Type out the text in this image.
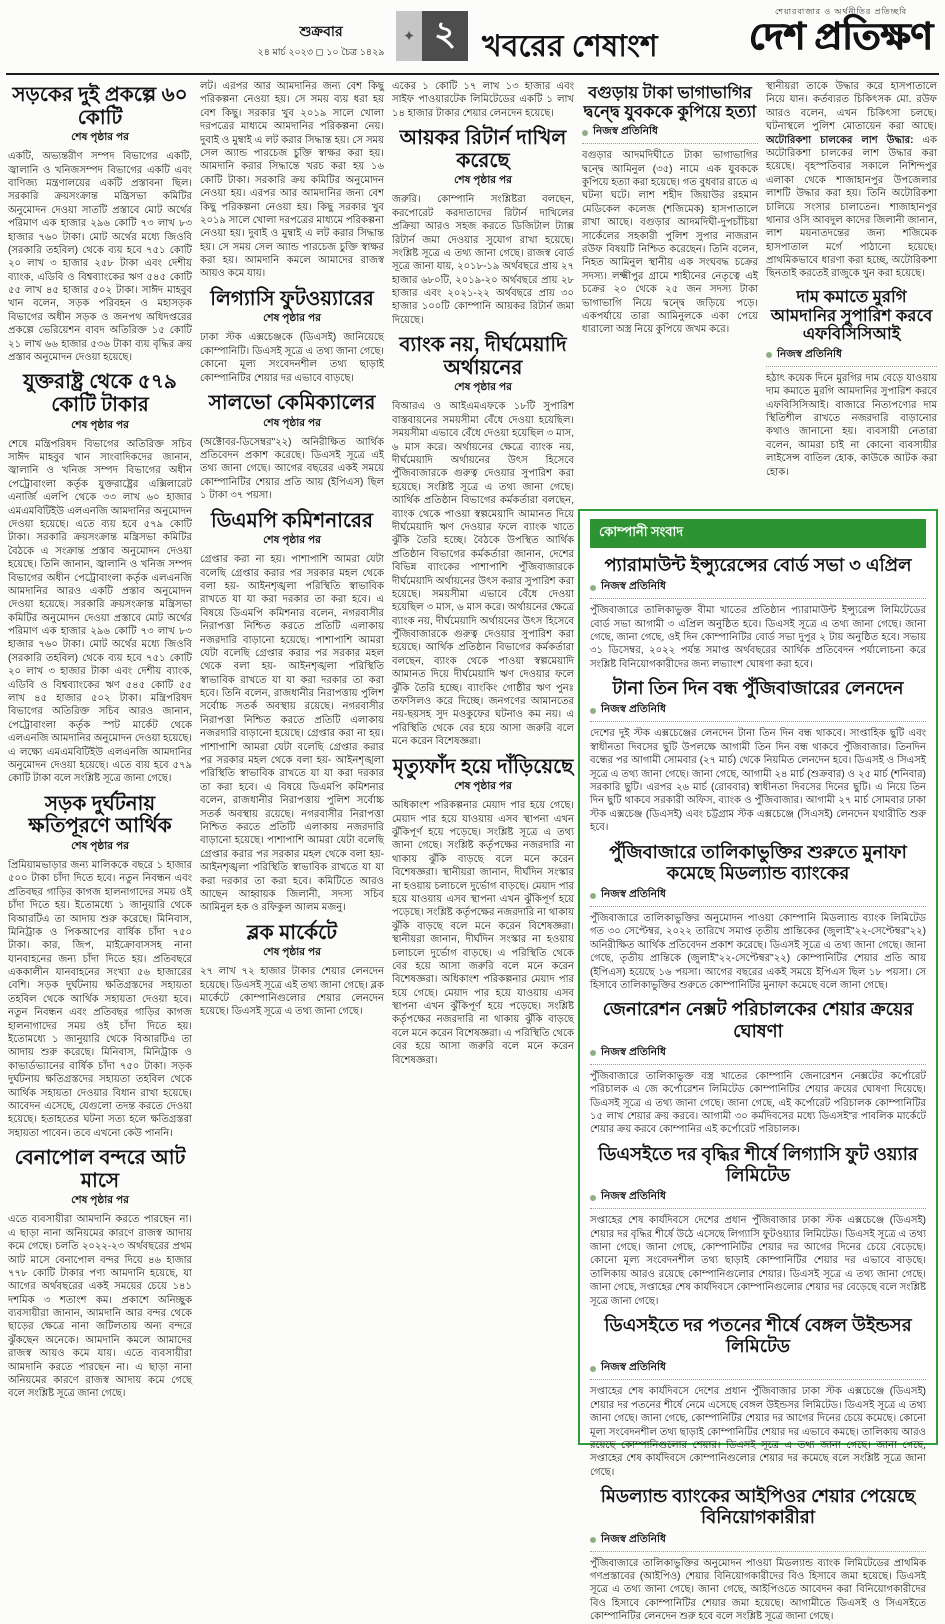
শুক্রবার
২৪ মার্চ ২০২৩ ◻ ১০ চৈত্র ১৪২৯
✦ ২ খবরের শেষাংশ
শেয়ারবাজার ও অর্থনীতির প্রতিচ্ছবি
দেশ প্রতিক্ষণ
সড়কের দুই প্রকল্পে ৬০ কোটি
শেষ পৃষ্ঠার পর
একটি, অভ্যন্তরীণ সম্পদ বিভাগের একটি, জ্বালানি ও খনিজসম্পদ বিভাগের একটি এবং বাণিজ্য মন্ত্রণালয়ের একটি প্রস্তাবনা ছিল। সরকারি ক্রয়সংক্রান্ত মন্ত্রিসভা কমিটির অনুমোদন দেওয়া সাতটি প্রস্তাবে মোট অর্থের পরিমাণ এক হাজার ২৯৬ কোটি ৭৩ লাখ ৮৩ হাজার ৭৬০ টাকা। মোট অর্থের মধ্যে জিওবি (সরকারি তহবিল) থেকে ব্যয় হবে ৭৫১ কোটি ২০ লাখ ৩ হাজার ২৫৮ টাকা এবং দেশীয় ব্যাংক, এডিবি ও বিশ্বব্যাংকের ঋণ ৫৪৫ কোটি ৫৫ লাখ ৪৫ হাজার ৫০২ টাকা। সাঈদ মাহবুব খান বলেন, সড়ক পরিবহন ও মহাসড়ক বিভাগের অধীন সড়ক ও জনপথ অধিদপ্তরের প্রকল্পে ভেরিয়েশন বাবদ অতিরিক্ত ১৫ কোটি ২১ লাখ ৬৬ হাজার ৫৩৬ টাকা ব্যয় বৃদ্ধির ক্রয় প্রস্তাব অনুমোদন দেওয়া হয়েছে।
যুক্তরাষ্ট্র থেকে ৫৭৯ কোটি টাকার
শেষ পৃষ্ঠার পর
শেষে মন্ত্রিপরিষদ বিভাগের অতিরিক্ত সচিব সাঈদ মাহবুব খান সাংবাদিকদের জানান, জ্বালানি ও খনিজ সম্পদ বিভাগের অধীন পেট্রোবাংলা কর্তৃক যুক্তরাষ্ট্রের এক্সিলারেট এনার্জি এলপি থেকে ৩৩ লাখ ৬০ হাজার এমএমবিটিইউ এলএনজি আমদানির অনুমোদন দেওয়া হয়েছে। এতে ব্যয় হবে ৫৭৯ কোটি টাকা। সরকারি ক্রয়সংক্রান্ত মন্ত্রিসভা কমিটির বৈঠকে এ সংক্রান্ত প্রস্তাব অনুমোদন দেওয়া হয়েছে। তিনি জানান, জ্বালানি ও খনিজ সম্পদ বিভাগের অধীন পেট্রোবাংলা কর্তৃক এলএনজি আমদানির আরও একটি প্রস্তাব অনুমোদন দেওয়া হয়েছে। সরকারি ক্রয়সংক্রান্ত মন্ত্রিসভা কমিটির অনুমোদন দেওয়া প্রস্তাবে মোট অর্থের পরিমাণ এক হাজার ২৯৬ কোটি ৭৩ লাখ ৮৩ হাজার ৭৬০ টাকা। মোট অর্থের মধ্যে জিওবি (সরকারি তহবিল) থেকে ব্যয় হবে ৭৫১ কোটি ২০ লাখ ৩ হাজার টাকা এবং দেশীয় ব্যাংক, এডিবি ও বিশ্বব্যাংকের ঋণ ৫৪৫ কোটি ৫৫ লাখ ৪৫ হাজার ৫০২ টাকা। মন্ত্রিপরিষদ বিভাগের অতিরিক্ত সচিব আরও জানান, পেট্রোবাংলা কর্তৃক স্পট মার্কেট থেকে এলএনজি আমদানির অনুমোদন দেওয়া হয়েছে। এ লক্ষ্যে এমএমবিটিইউ এলএনজি আমদানির অনুমোদন দেওয়া হয়েছে। এতে ব্যয় হবে ৫৭৯ কোটি টাকা বলে সংশ্লিষ্ট সূত্রে জানা গেছে।
সড়ক দুর্ঘটনায় ক্ষতিপূরণে আর্থিক
শেষ পৃষ্ঠার পর
প্রিমিয়ামভাড়ার জন্য মালিককে বছরে ১ হাজার ৫০০ টাকা চাঁদা দিতে হবে। নতুন নিবন্ধন এবং প্রতিবছর গাড়ির কাগজ হালনাগাদের সময় ওই চাঁদা দিতে হয়। ইতোমধ্যে ১ জানুয়ারি থেকে বিআরটিএ তা আদায় শুরু করেছে। মিনিবাস, মিনিট্রাক ও পিকআপের বার্ষিক চাঁদা ৭৫০ টাকা। কার, জিপ, মাইক্রোবাসসহ নানা যানবাহনের জন্য চাঁদা দিতে হয়। প্রতিবছরে এককালীন যানবাহনের সংখ্যা ৫৬ হাজারের বেশি। সড়ক দুর্ঘটনায় ক্ষতিগ্রস্তদের সহায়তা তহবিল থেকে আর্থিক সহায়তা দেওয়া হবে। নতুন নিবন্ধন এবং প্রতিবছর গাড়ির কাগজ হালনাগাদের সময় ওই চাঁদা দিতে হয়। ইতোমধ্যে ১ জানুয়ারি থেকে বিআরটিএ তা আদায় শুরু করেছে। মিনিবাস, মিনিট্রাক ও কাভার্ডভ্যানের বার্ষিক চাঁদা ৭৫০ টাকা। সড়ক দুর্ঘটনায় ক্ষতিগ্রস্তদের সহায়তা তহবিল থেকে আর্থিক সহায়তা দেওয়ার বিধান রাখা হয়েছে। আবেদন এসেছে, যেগুলো তদন্ত করতে দেওয়া হয়েছে। হতাহতের ঘটনা সত্য হলে ক্ষতিগ্রস্তরা সহায়তা পাবেন। তবে এখনো কেউ পাননি।
বেনাপোল বন্দরে আট মাসে
শেষ পৃষ্ঠার পর
এতে ব্যবসায়ীরা আমদানি করতে পারছেন না। এ ছাড়া নানা অনিয়মের কারণে রাজস্ব আদায় কমে গেছে। চলতি ২০২২-২৩ অর্থবছরের প্রথম আট মাসে বেনাপোল বন্দর দিয়ে ৪৬ হাজার ৭৭৮ কোটি টাকার পণ্য আমদানি হয়েছে, যা আগের অর্থবছরের একই সময়ের চেয়ে ১৪১ দশমিক ৩ শতাংশ কম। প্রকাশে অনিচ্ছুক ব্যবসায়ীরা জানান, আমদানি আর বন্দর থেকে ছাড়ের ক্ষেত্রে নানা জটিলতায় অন্য বন্দরে ঝুঁকছেন অনেকে। আমদানি কমলে আমাদের রাজস্ব আয়ও কমে যায়। এতে ব্যবসায়ীরা আমদানি করতে পারছেন না। এ ছাড়া নানা অনিয়মের কারণে রাজস্ব আদায় কমে গেছে বলে সংশ্লিষ্ট সূত্রে জানা গেছে।
লট। এরপর আর আমদানির জন্য বেশ কিছু পরিকল্পনা নেওয়া হয়। সে সময় ব্যয় ধরা হয় বেশ কিছু। সরকার খুব ২০১৯ সালে খোলা দরপত্রের মাধ্যমে আমদানির পরিকল্পনা নেয়। দুবাই ও মুম্বাই এ লট করার সিদ্ধান্ত হয়। সে সময় সেল অ্যান্ড পারচেজ চুক্তি স্বাক্ষর করা হয়। আমদানি করার সিদ্ধান্তে খরচ করা হয় ১৬ কোটি টাকা। সরকারি ক্রয় কমিটির অনুমোদন নেওয়া হয়। এরপর আর আমদানির জন্য বেশ কিছু পরিকল্পনা নেওয়া হয়। কিছু সরকার খুব ২০১৯ সালে খোলা দরপত্রের মাধ্যমে পরিকল্পনা নেওয়া হয়। দুবাই ও মুম্বাই এ লট করার সিদ্ধান্ত হয়। সে সময় সেল অ্যান্ড পারচেজ চুক্তি স্বাক্ষর করা হয়। আমদানি কমলে আমাদের রাজস্ব আয়ও কমে যায়।
লিগ্যাসি ফুটওয়্যারের
শেষ পৃষ্ঠার পর
ঢাকা স্টক এক্সচেঞ্জকে (ডিএসই) জানিয়েছে কোম্পানিটি। ডিএসই সূত্রে এ তথ্য জানা গেছে। কোনো মূল্য সংবেদনশীল তথ্য ছাড়াই কোম্পানিটির শেয়ার দর এভাবে বাড়ছে।
সালভো কেমিক্যালের
শেষ পৃষ্ঠার পর
(অক্টোবর-ডিসেম্বর"২২) অনিরীক্ষিত আর্থিক প্রতিবেদন প্রকাশ করেছে। ডিএসই সূত্রে এই তথ্য জানা গেছে। আগের বছরের একই সময়ে কোম্পানিটির শেয়ার প্রতি আয় (ইপিএস) ছিল ১ টাকা ৩৭ পয়সা।
ডিএমপি কমিশনারের
শেষ পৃষ্ঠার পর
গ্রেপ্তার করা না হয়। পাশাপাশি আমরা যেটা বলেছি গ্রেপ্তার করার পর সরকার মহল থেকে বলা হয়- আইনশৃঙ্খলা পরিস্থিতি স্বাভাবিক রাখতে যা যা করা দরকার তা করা হবে। এ বিষয়ে ডিএমপি কমিশনার বলেন, নগরবাসীর নিরাপত্তা নিশ্চিত করতে প্রতিটি এলাকায় নজরদারি বাড়ানো হয়েছে। পাশাপাশি আমরা যেটা বলেছি গ্রেপ্তার করার পর সরকার মহল থেকে বলা হয়- আইনশৃঙ্খলা পরিস্থিতি স্বাভাবিক রাখতে যা যা করা দরকার তা করা হবে। তিনি বলেন, রাজধানীর নিরাপত্তায় পুলিশ সর্বোচ্চ সতর্ক অবস্থায় রয়েছে। নগরবাসীর নিরাপত্তা নিশ্চিত করতে প্রতিটি এলাকায় নজরদারি বাড়ানো হয়েছে। গ্রেপ্তার করা না হয়। পাশাপাশি আমরা যেটা বলেছি গ্রেপ্তার করার পর সরকার মহল থেকে বলা হয়- আইনশৃঙ্খলা পরিস্থিতি স্বাভাবিক রাখতে যা যা করা দরকার তা করা হবে। এ বিষয়ে ডিএমপি কমিশনার বলেন, রাজধানীর নিরাপত্তায় পুলিশ সর্বোচ্চ সতর্ক অবস্থায় রয়েছে। নগরবাসীর নিরাপত্তা নিশ্চিত করতে প্রতিটি এলাকায় নজরদারি বাড়ানো হয়েছে। পাশাপাশি আমরা যেটা বলেছি গ্রেপ্তার করার পর সরকার মহল থেকে বলা হয়- আইনশৃঙ্খলা পরিস্থিতি স্বাভাবিক রাখতে যা যা করা দরকার তা করা হবে। কমিটিতে আরও আছেন আহ্বায়ক জিলানী, সদস্য সচিব আমিনুল হক ও রফিকুল আলম মজনু।
ব্লক মার্কেটে
শেষ পৃষ্ঠার পর
২৭ লাখ ৭২ হাজার টাকার শেয়ার লেনদেন হয়েছে। ডিএসই সূত্রে এই তথ্য জানা গেছে। ব্লক মার্কেটে কোম্পানিগুলোর শেয়ার লেনদেন হয়েছে। ডিএসই সূত্রে এ তথ্য জানা গেছে।
একের ১ কোটি ১৭ লাখ ১৩ হাজার এবং সাইফ পাওয়ারটেক লিমিটেডের একটি ১ লাখ ১৪ হাজার টাকার শেয়ার লেনদেন হয়েছে।
আয়কর রিটার্ন দাখিল করেছে
শেষ পৃষ্ঠার পর
জরুরি। কোম্পানি সংশ্লিষ্টরা বলছেন, করপোরেট করদাতাদের রিটার্ন দাখিলের প্রক্রিয়া আরও সহজ করতে ডিজিটাল ট্যাক্স রিটার্ন জমা দেওয়ার সুযোগ রাখা হয়েছে। সংশ্লিষ্ট সূত্রে এ তথ্য জানা গেছে। রাজস্ব বোর্ড সূত্রে জানা যায়, ২০১৮-১৯ অর্থবছরে প্রায় ২৭ হাজার ৬৮০টি, ২০১৯-২০ অর্থবছরে প্রায় ২৮ হাজার এবং ২০২১-২২ অর্থবছরে প্রায় ৩০ হাজার ১০০টি কোম্পানি আয়কর রিটার্ন জমা দিয়েছে।
ব্যাংক নয়, দীর্ঘমেয়াদি অর্থায়নের
শেষ পৃষ্ঠার পর
বিআরএ ও আইএমএফকে ১৮টি সুপারিশ বাস্তবায়নের সময়সীমা বেঁধে দেওয়া হয়েছিল। সময়সীমা এভাবে বেঁধে দেওয়া হয়েছিল ৩ মাস, ৬ মাস করে। অর্থায়নের ক্ষেত্রে ব্যাংক নয়, দীর্ঘমেয়াদি অর্থায়নের উৎস হিসেবে পুঁজিবাজারকে গুরুত্ব দেওয়ার সুপারিশ করা হয়েছে। সংশ্লিষ্ট সূত্রে এ তথ্য জানা গেছে। আর্থিক প্রতিষ্ঠান বিভাগের কর্মকর্তারা বলছেন, ব্যাংক থেকে পাওয়া স্বল্পমেয়াদি আমানত দিয়ে দীর্ঘমেয়াদি ঋণ দেওয়ার ফলে ব্যাংক খাতে ঝুঁকি তৈরি হচ্ছে। বৈঠকে উপস্থিত আর্থিক প্রতিষ্ঠান বিভাগের কর্মকর্তারা জানান, দেশের বিভিন্ন ব্যাংকের পাশাপাশি পুঁজিবাজারকে দীর্ঘমেয়াদি অর্থায়নের উৎস করার সুপারিশ করা হয়েছে। সময়সীমা এভাবে বেঁধে দেওয়া হয়েছিল ৩ মাস, ৬ মাস করে। অর্থায়নের ক্ষেত্রে ব্যাংক নয়, দীর্ঘমেয়াদি অর্থায়নের উৎস হিসেবে পুঁজিবাজারকে গুরুত্ব দেওয়ার সুপারিশ করা হয়েছে। আর্থিক প্রতিষ্ঠান বিভাগের কর্মকর্তারা বলছেন, ব্যাংক থেকে পাওয়া স্বল্পমেয়াদি আমানত দিয়ে দীর্ঘমেয়াদি ঋণ দেওয়ার ফলে ঝুঁকি তৈরি হচ্ছে। ব্যাংকিং গোষ্ঠীর ঋণ পুনঃ তফসিলও করে দিচ্ছে। জনগণের আমানতের নয়-ছয়সহ সুদ মওকুফের ঘটনাও কম নয়। এ পরিস্থিতি থেকে বের হয়ে আসা জরুরি বলে মনে করেন বিশেষজ্ঞরা।
মৃত্যুফাঁদ হয়ে দাঁড়িয়েছে
শেষ পৃষ্ঠার পর
অধিকাংশ পরিকল্পনার মেয়াদ পার হয়ে গেছে। মেয়াদ পার হয়ে যাওয়ায় এসব স্থাপনা এখন ঝুঁকিপূর্ণ হয়ে পড়েছে। সংশ্লিষ্ট সূত্রে এ তথ্য জানা গেছে। সংশ্লিষ্ট কর্তৃপক্ষের নজরদারি না থাকায় ঝুঁকি বাড়ছে বলে মনে করেন বিশেষজ্ঞরা। স্থানীয়রা জানান, দীর্ঘদিন সংস্কার না হওয়ায় চলাচলে দুর্ভোগ বাড়ছে। মেয়াদ পার হয়ে যাওয়ায় এসব স্থাপনা এখন ঝুঁকিপূর্ণ হয়ে পড়েছে। সংশ্লিষ্ট কর্তৃপক্ষের নজরদারি না থাকায় ঝুঁকি বাড়ছে বলে মনে করেন বিশেষজ্ঞরা। স্থানীয়রা জানান, দীর্ঘদিন সংস্কার না হওয়ায় চলাচলে দুর্ভোগ বাড়ছে। এ পরিস্থিতি থেকে বের হয়ে আসা জরুরি বলে মনে করেন বিশেষজ্ঞরা। অধিকাংশ পরিকল্পনার মেয়াদ পার হয়ে গেছে। মেয়াদ পার হয়ে যাওয়ায় এসব স্থাপনা এখন ঝুঁকিপূর্ণ হয়ে পড়েছে। সংশ্লিষ্ট কর্তৃপক্ষের নজরদারি না থাকায় ঝুঁকি বাড়ছে বলে মনে করেন বিশেষজ্ঞরা। এ পরিস্থিতি থেকে বের হয়ে আসা জরুরি বলে মনে করেন বিশেষজ্ঞরা।
বগুড়ায় টাকা ভাগাভাগির দ্বন্দ্বে যুবককে কুপিয়ে হত্যা
নিজস্ব প্রতিনিধি
বগুড়ার আদমদিঘীতে টাকা ভাগাভাগির দ্বন্দ্বে আমিনুল (৩৫) নামে এক যুবককে কুপিয়ে হত্যা করা হয়েছে। গত বুধবার রাতে এ ঘটনা ঘটে। লাশ শহীদ জিয়াউর রহমান মেডিকেল কলেজ (শজিমেক) হাসপাতালে রাখা আছে। বগুড়ার আদমদিঘী-দুপচাঁচিয়া সার্কেলের সহকারী পুলিশ সুপার নাজরান রউফ বিষয়টি নিশ্চিত করেছেন। তিনি বলেন, নিহত আমিনুল স্থানীয় এক সংঘবদ্ধ চক্রের সদস্য। লক্ষ্মীপুর গ্রামে শাহীনের নেতৃত্বে এই চক্রের ২০ থেকে ২৫ জন সদস্য টাকা ভাগাভাগি নিয়ে দ্বন্দ্বে জড়িয়ে পড়ে। একপর্যায়ে তারা আমিনুলকে একা পেয়ে ধারালো অস্ত্র নিয়ে কুপিয়ে জখম করে।
স্থানীয়রা তাকে উদ্ধার করে হাসপাতালে নিয়ে যান। কর্তব্যরত চিকিৎসক মো. রউফ আরও বলেন, এখন চিকিৎসা চলছে। ঘটনাস্থলে পুলিশ মোতায়েন করা আছে। অটোরিকশা চালকের লাশ উদ্ধার: এক অটোরিকশা চালকের লাশ উদ্ধার করা হয়েছে। বৃহস্পতিবার সকালে নিশিন্দপুর এলাকা থেকে শাজাহানপুর উপজেলার লাশটি উদ্ধার করা হয়। তিনি অটোরিকশা চালিয়ে সংসার চালাতেন। শাজাহানপুর থানার ওসি আবদুল কাদের জিলানী জানান, লাশ ময়নাতদন্তের জন্য শজিমেক হাসপাতাল মর্গে পাঠানো হয়েছে। প্রাথমিকভাবে ধারণা করা হচ্ছে, অটোরিকশা ছিনতাই করতেই রাজুকে খুন করা হয়েছে।
দাম কমাতে মুরগি আমদানির সুপারিশ করবে এফবিসিসিআই
নিজস্ব প্রতিনিধি
হঠাৎ কয়েক দিনে মুরগির দাম বেড়ে যাওয়ায় দাম কমাতে মুরগি আমদানির সুপারিশ করবে এফবিসিসিআই। বাজারে নিত্যপণ্যের দাম স্থিতিশীল রাখতে নজরদারি বাড়ানোর কথাও জানানো হয়। ব্যবসায়ী নেতারা বলেন, আমরা চাই না কোনো ব্যবসায়ীর লাইসেন্স বাতিল হোক, কাউকে আটক করা হোক।
কোম্পানী সংবাদ
প্যারামাউন্ট ইন্স্যুরেন্সের বোর্ড সভা ৩ এপ্রিল
নিজস্ব প্রতিনিধি
পুঁজিবাজারে তালিকাভুক্ত বীমা খাতের প্রতিষ্ঠান প্যারামাউন্ট ইন্স্যুরেন্স লিমিটেডের বোর্ড সভা আগামী ৩ এপ্রিল অনুষ্ঠিত হবে। ডিএসই সূত্রে এ তথ্য জানা গেছে। জানা গেছে, জানা গেছে, ওই দিন কোম্পানিটির বোর্ড সভা দুপুর ২ টায় অনুষ্ঠিত হবে। সভায় ৩১ ডিসেম্বর, ২০২২ পর্যন্ত সমাপ্ত অর্থবছরের আর্থিক প্রতিবেদন পর্যালোচনা করে সংশ্লিষ্ট বিনিয়োগকারীদের জন্য লভ্যাংশ ঘোষণা করা হবে।
টানা তিন দিন বন্ধ পুঁজিবাজারের লেনদেন
নিজস্ব প্রতিনিধি
দেশের দুই স্টক এক্সচেঞ্জের লেনদেন টানা তিন দিন বন্ধ থাকবে। সাপ্তাহিক ছুটি এবং স্বাধীনতা দিবসের ছুটি উপলক্ষে আগামী তিন দিন বন্ধ থাকবে পুঁজিবাজার। তিনদিন বন্ধের পর আগামী সোমবার (২৭ মার্চ) থেকে নিয়মিত লেনদেন হবে। ডিএসই ও সিএসই সূত্রে এ তথ্য জানা গেছে। জানা গেছে, আগামী ২৪ মার্চ (শুক্রবার) ও ২৫ মার্চ (শনিবার) সরকারি ছুটি। এরপর ২৬ মার্চ (রোববার) স্বাধীনতা দিবসের দিনের ছুটি। এ নিয়ে তিন দিন ছুটি থাকবে সরকারী অফিস, ব্যাংক ও পুঁজিবাজার। আগামী ২৭ মার্চ সোমবার ঢাকা স্টক এক্সচেঞ্জ (ডিএসই) এবং চট্টগ্রাম স্টক এক্সচেঞ্জে (সিএসই) লেনদেন যথারীতি শুরু হবে।
পুঁজিবাজারে তালিকাভুক্তির শুরুতে মুনাফা কমেছে মিডল্যান্ড ব্যাংকের
নিজস্ব প্রতিনিধি
পুঁজিবাজারে তালিকাভুক্তির অনুমোদন পাওয়া কোম্পানি মিডল্যান্ড ব্যাংক লিমিটেড গত ৩০ সেপ্টেম্বর, ২০২২ তারিখে সমাপ্ত তৃতীয় প্রান্তিকের (জুলাই"২২-সেপ্টেম্বর"২২) অনিরীক্ষিত আর্থিক প্রতিবেদন প্রকাশ করেছে। ডিএসই সূত্রে এ তথ্য জানা গেছে। জানা গেছে, তৃতীয় প্রান্তিকে (জুলাই"২২-সেপ্টেম্বর"২২) কোম্পানিটির শেয়ার প্রতি আয় (ইপিএস) হয়েছে ১৬ পয়সা। আগের বছরের একই সময়ে ইপিএস ছিল ১৮ পয়সা। সে হিসাবে তালিকাভুক্তির শুরুতে কোম্পানিটির মুনাফা কমেছে বলে জানা গেছে।
জেনারেশন নেক্সট পরিচালকের শেয়ার ক্রয়ের ঘোষণা
নিজস্ব প্রতিনিধি
পুঁজিবাজারে তালিকাভুক্ত বস্ত্র খাতের কোম্পানি জেনারেশন নেক্সটের কর্পোরেট পরিচালক এ জে কর্পোরেশন লিমিটেড কোম্পানিটির শেয়ার ক্রয়ের ঘোষণা দিয়েছে। ডিএসই সূত্রে এ তথ্য জানা গেছে। জানা গেছে, এই কর্পোরেট পরিচালক কোম্পানিটির ১৫ লাখ শেয়ার ক্রয় করবে। আগামী ৩০ কর্মদিবসের মধ্যে ডিএসই"র পাবলিক মার্কেটে শেয়ার ক্রয় করবে কোম্পানির এই কর্পোরেট পরিচালক।
ডিএসইতে দর বৃদ্ধির শীর্ষে লিগ্যাসি ফুট ওয়্যার লিমিটেড
নিজস্ব প্রতিনিধি
সপ্তাহের শেষ কার্যদিবসে দেশের প্রধান পুঁজিবাজার ঢাকা স্টক এক্সচেঞ্জে (ডিএসই) শেয়ার দর বৃদ্ধির শীর্ষে উঠে এসেছে লিগ্যাসি ফুটওয়্যার লিমিটেড। ডিএসই সূত্রে এ তথ্য জানা গেছে। জানা গেছে, কোম্পানিটির শেয়ার দর আগের দিনের চেয়ে বেড়েছে। কোনো মূল্য সংবেদনশীল তথ্য ছাড়াই কোম্পানিটির শেয়ার দর এভাবে বাড়ছে। তালিকায় আরও রয়েছে কোম্পানিগুলোর শেয়ার। ডিএসই সূত্রে এ তথ্য জানা গেছে। জানা গেছে, সপ্তাহের শেষ কার্যদিবসে কোম্পানিগুলোর শেয়ার দর বেড়েছে বলে সংশ্লিষ্ট সূত্রে জানা গেছে।
ডিএসইতে দর পতনের শীর্ষে বেঙ্গল উইন্ডসর লিমিটেড
নিজস্ব প্রতিনিধি
সপ্তাহের শেষ কার্যদিবসে দেশের প্রধান পুঁজিবাজার ঢাকা স্টক এক্সচেঞ্জে (ডিএসই) শেয়ার দর পতনের শীর্ষে নেমে এসেছে বেঙ্গল উইন্ডসর লিমিটেড। ডিএসই সূত্রে এ তথ্য জানা গেছে। জানা গেছে, কোম্পানিটির শেয়ার দর আগের দিনের চেয়ে কমেছে। কোনো মূল্য সংবেদনশীল তথ্য ছাড়াই কোম্পানিটির শেয়ার দর এভাবে কমছে। তালিকায় আরও রয়েছে কোম্পানিগুলোর শেয়ার। ডিএসই সূত্রে এ তথ্য জানা গেছে। জানা গেছে, সপ্তাহের শেষ কার্যদিবসে কোম্পানিগুলোর শেয়ার দর কমেছে বলে সংশ্লিষ্ট সূত্রে জানা গেছে।
মিডল্যান্ড ব্যাংকের আইপিওর শেয়ার পেয়েছে বিনিয়োগকারীরা
নিজস্ব প্রতিনিধি
পুঁজিবাজারে তালিকাভুক্তির অনুমোদন পাওয়া মিডল্যান্ড ব্যাংক লিমিটেডের প্রাথমিক গণপ্রস্তাবের (আইপিও) শেয়ার বিনিয়োগকারীদের বিও হিসাবে জমা হয়েছে। ডিএসই সূত্রে এ তথ্য জানা গেছে। জানা গেছে, আইপিওতে আবেদন করা বিনিয়োগকারীদের বিও হিসাবে কোম্পানিটির শেয়ার জমা হয়েছে। আগামীতে ডিএসই ও সিএসইতে কোম্পানিটির লেনদেন শুরু হবে বলে সংশ্লিষ্ট সূত্রে জানা গেছে।
